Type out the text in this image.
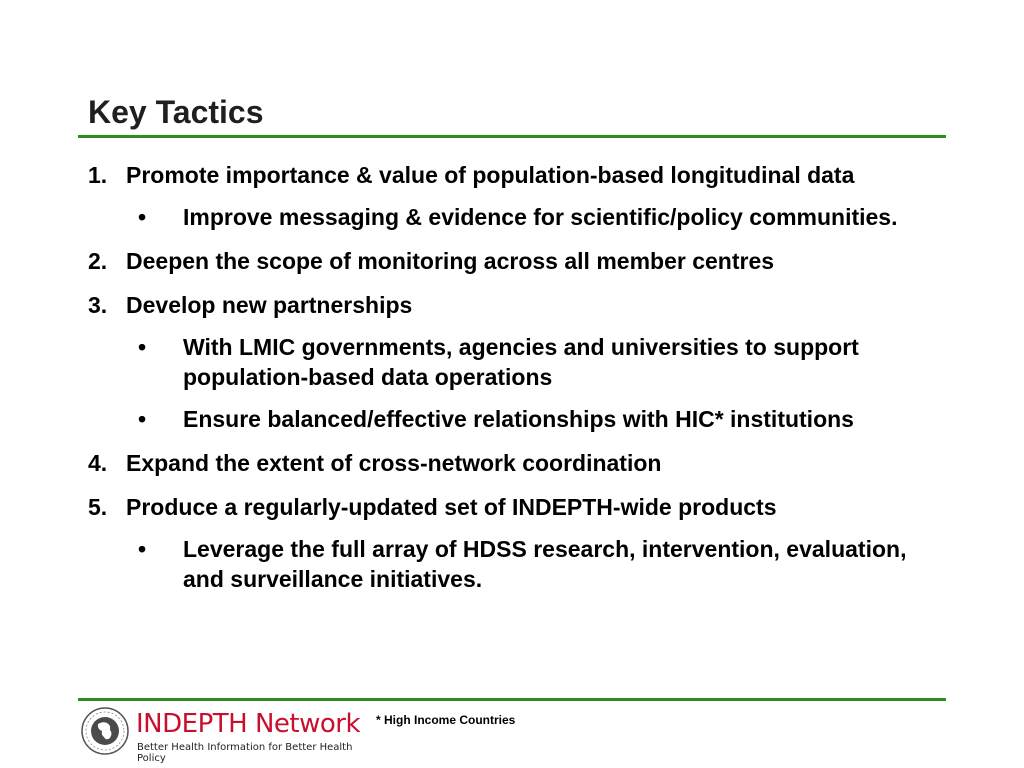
Key Tactics
1. Promote importance & value of population-based longitudinal data
•	Improve messaging & evidence for scientific/policy communities.
2. Deepen the scope of monitoring across all member centres
3. Develop new partnerships
•	With LMIC governments, agencies and universities to support population-based data operations
•	Ensure balanced/effective relationships with HIC* institutions
4. Expand the extent of cross-network coordination
5. Produce a regularly-updated set of INDEPTH-wide products
•	Leverage the full array of HDSS research, intervention, evaluation, and surveillance initiatives.
INDEPTH Network
Better Health Information for Better Health Policy
* High Income Countries
